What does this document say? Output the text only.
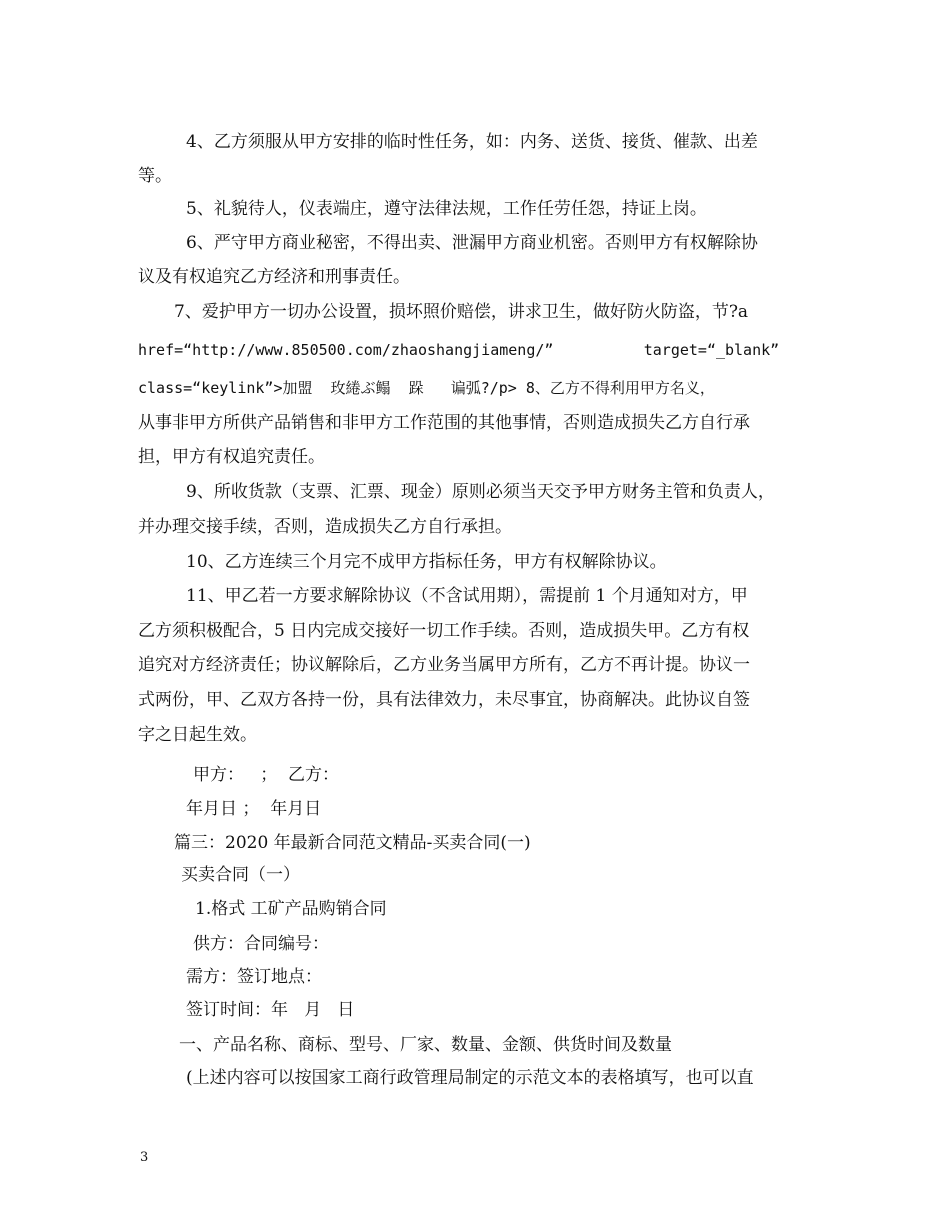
4、乙方须服从甲方安排的临时性任务，如：内务、送货、接货、催款、出差
等。
5、礼貌待人，仪表端庄，遵守法律法规，工作任劳任怨，持证上岗。
6、严守甲方商业秘密，不得出卖、泄漏甲方商业机密。否则甲方有权解除协
议及有权追究乙方经济和刑事责任。
7、爱护甲方一切办公设置，损坏照价赔偿，讲求卫生，做好防火防盗，节?a
href=“http://www.850500.com/zhaoshangjiameng/”          target=“_blank”
class=“keylink”>加盟  玫綣ぶ鳎  跺   谝弧?/p> 8、乙方不得利用甲方名义，
从事非甲方所供产品销售和非甲方工作范围的其他事情，否则造成损失乙方自行承
担，甲方有权追究责任。
9、所收货款（支票、汇票、现金）原则必须当天交予甲方财务主管和负责人，
并办理交接手续，否则，造成损失乙方自行承担。
10、乙方连续三个月完不成甲方指标任务，甲方有权解除协议。
11、甲乙若一方要求解除协议（不含试用期），需提前 1 个月通知对方，甲
乙方须积极配合，5 日内完成交接好一切工作手续。否则，造成损失甲。乙方有权
追究对方经济责任；协议解除后，乙方业务当属甲方所有，乙方不再计提。协议一
式两份，甲、乙双方各持一份，具有法律效力，未尽事宜，协商解决。此协议自签
字之日起生效。
甲方：   ；  乙方：
年月日 ；  年月日
篇三：2020 年最新合同范文精品-买卖合同(一)
买卖合同（一）
1.格式 工矿产品购销合同
供方：合同编号：
需方：签订地点：
签订时间：年   月   日
一、产品名称、商标、型号、厂家、数量、金额、供货时间及数量
(上述内容可以按国家工商行政管理局制定的示范文本的表格填写，也可以直
3
